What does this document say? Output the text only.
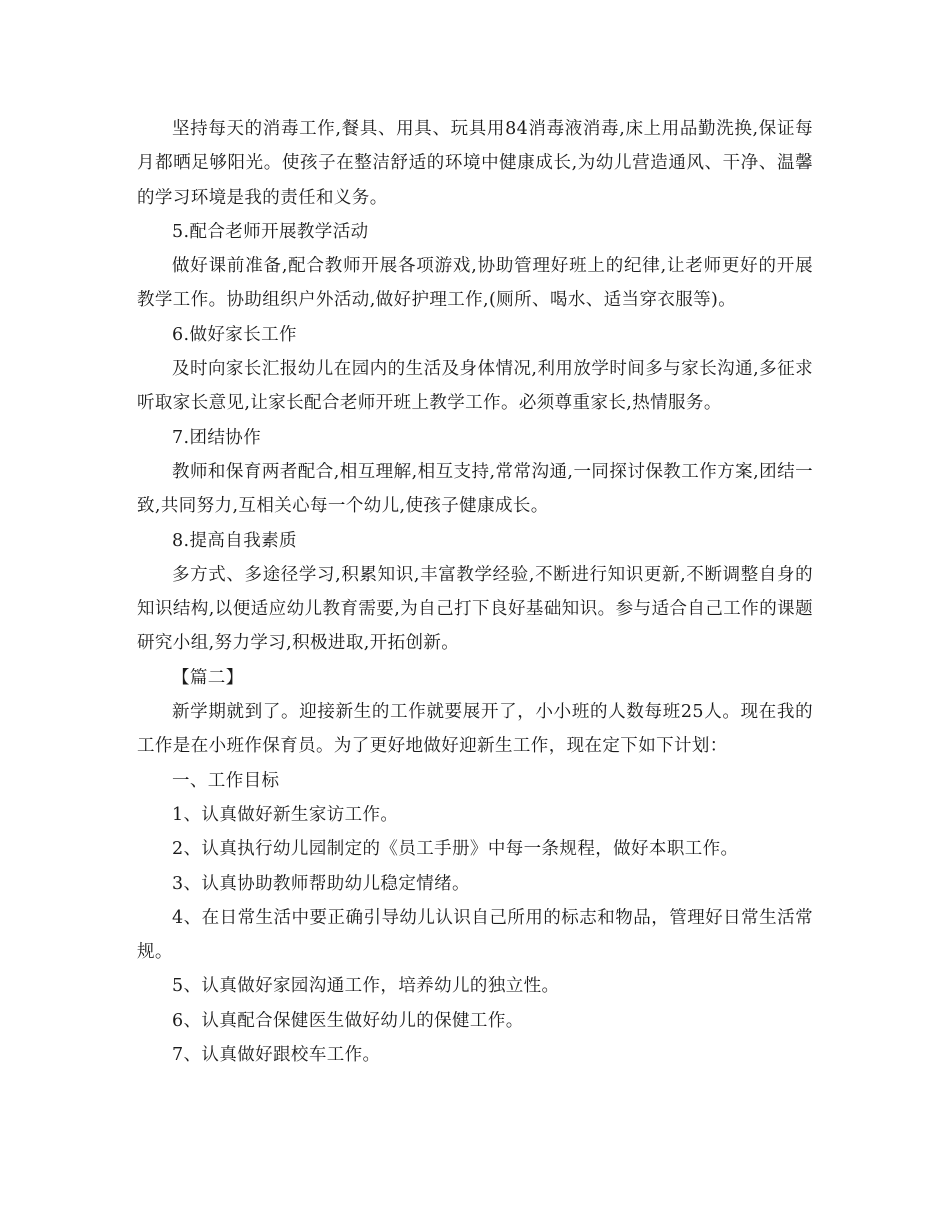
坚持每天的消毒工作,餐具、用具、玩具用84消毒液消毒,床上用品勤洗换,保证每月都晒足够阳光。使孩子在整洁舒适的环境中健康成长,为幼儿营造通风、干净、温馨的学习环境是我的责任和义务。

5.配合老师开展教学活动

做好课前准备,配合教师开展各项游戏,协助管理好班上的纪律,让老师更好的开展教学工作。协助组织户外活动,做好护理工作,(厕所、喝水、适当穿衣服等)。

6.做好家长工作

及时向家长汇报幼儿在园内的生活及身体情况,利用放学时间多与家长沟通,多征求听取家长意见,让家长配合老师开班上教学工作。必须尊重家长,热情服务。

7.团结协作

教师和保育两者配合,相互理解,相互支持,常常沟通,一同探讨保教工作方案,团结一致,共同努力,互相关心每一个幼儿,使孩子健康成长。

8.提高自我素质

多方式、多途径学习,积累知识,丰富教学经验,不断进行知识更新,不断调整自身的知识结构,以便适应幼儿教育需要,为自己打下良好基础知识。参与适合自己工作的课题研究小组,努力学习,积极进取,开拓创新。

【篇二】

新学期就到了。迎接新生的工作就要展开了，小小班的人数每班25人。现在我的工作是在小班作保育员。为了更好地做好迎新生工作，现在定下如下计划：

一、工作目标

1、认真做好新生家访工作。

2、认真执行幼儿园制定的《员工手册》中每一条规程，做好本职工作。

3、认真协助教师帮助幼儿稳定情绪。

4、在日常生活中要正确引导幼儿认识自己所用的标志和物品，管理好日常生活常规。

5、认真做好家园沟通工作，培养幼儿的独立性。

6、认真配合保健医生做好幼儿的保健工作。

7、认真做好跟校车工作。
